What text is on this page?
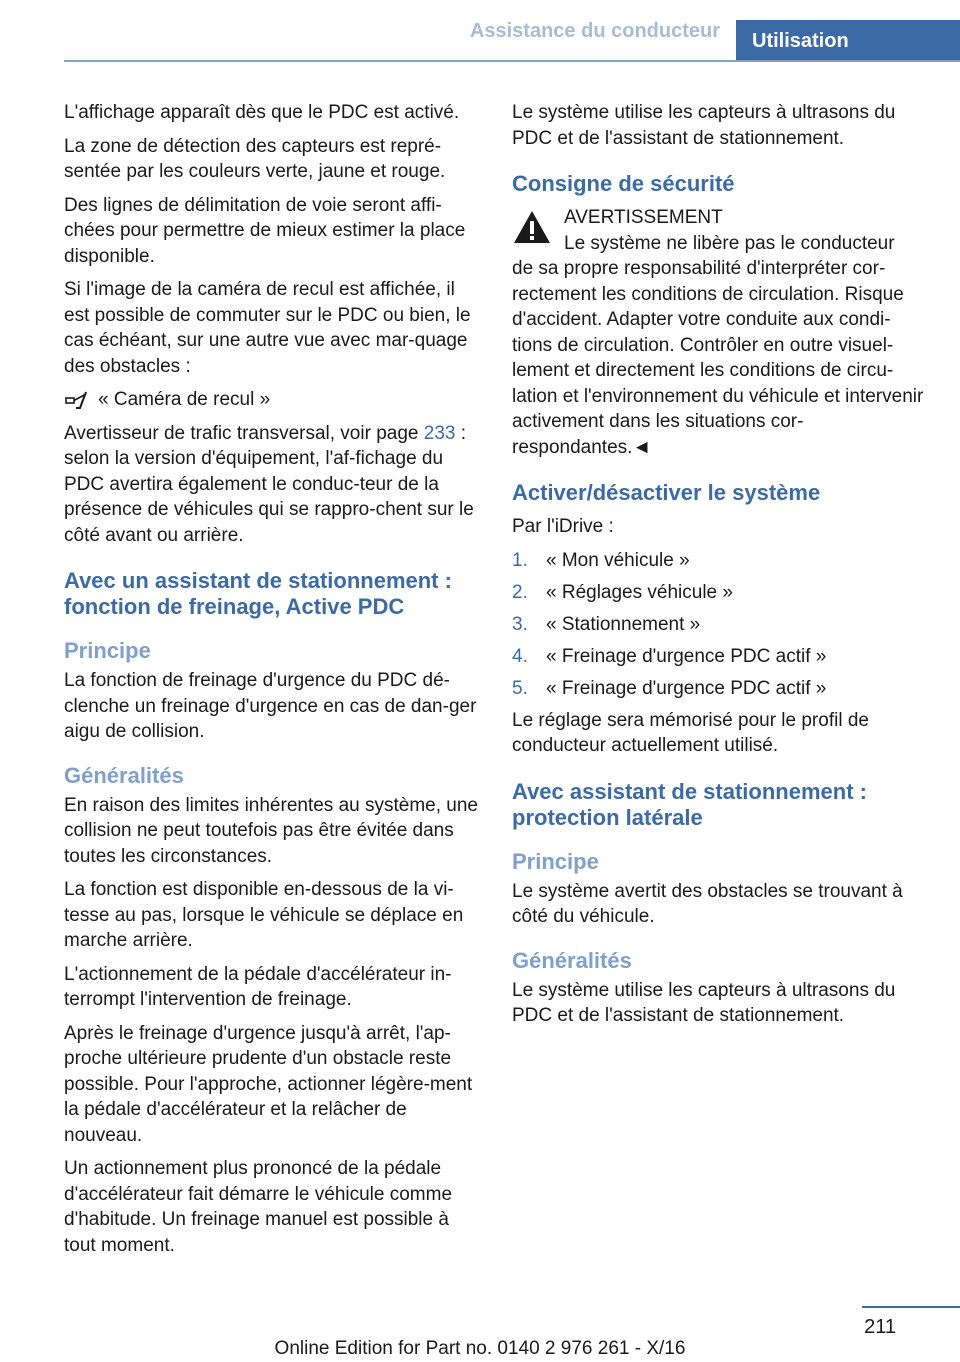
Assistance du conducteur	Utilisation

L'affichage apparaît dès que le PDC est activé.

La zone de détection des capteurs est repré-sentée par les couleurs verte, jaune et rouge.

Des lignes de délimitation de voie seront affi-chées pour permettre de mieux estimer la place disponible.

Si l'image de la caméra de recul est affichée, il est possible de commuter sur le PDC ou bien, le cas échéant, sur une autre vue avec mar-quage des obstacles :

« Caméra de recul »

Avertisseur de trafic transversal, voir page 233 : selon la version d'équipement, l'af-fichage du PDC avertira également le conduc-teur de la présence de véhicules qui se rappro-chent sur le côté avant ou arrière.

Avec un assistant de stationnement : fonction de freinage, Active PDC
Principe

La fonction de freinage d'urgence du PDC dé-clenche un freinage d'urgence en cas de dan-ger aigu de collision.

Généralités

En raison des limites inhérentes au système, une collision ne peut toutefois pas être évitée dans toutes les circonstances.

La fonction est disponible en-dessous de la vi-tesse au pas, lorsque le véhicule se déplace en marche arrière.

L'actionnement de la pédale d'accélérateur in-terrompt l'intervention de freinage.

Après le freinage d'urgence jusqu'à arrêt, l'ap-proche ultérieure prudente d'un obstacle reste possible. Pour l'approche, actionner légère-ment la pédale d'accélérateur et la relâcher de nouveau.

Un actionnement plus prononcé de la pédale d'accélérateur fait démarre le véhicule comme d'habitude. Un freinage manuel est possible à tout moment.

Le système utilise les capteurs à ultrasons du PDC et de l'assistant de stationnement.

Consigne de sécurité
AVERTISSEMENT
Le système ne libère pas le conducteur

de sa propre responsabilité d'interpréter cor-rectement les conditions de circulation. Risque d'accident. Adapter votre conduite aux condi-tions de circulation. Contrôler en outre visuel-lement et directement les conditions de circu-lation et l'environnement du véhicule et intervenir activement dans les situations cor-respondantes.◄

Activer/désactiver le système

Par l'iDrive :

1. « Mon véhicule »
2. « Réglages véhicule »
3. « Stationnement »
4. « Freinage d'urgence PDC actif »
5. « Freinage d'urgence PDC actif »

Le réglage sera mémorisé pour le profil de conducteur actuellement utilisé.

Avec assistant de stationnement : protection latérale
Principe

Le système avertit des obstacles se trouvant à côté du véhicule.

Généralités

Le système utilise les capteurs à ultrasons du PDC et de l'assistant de stationnement.

211
Online Edition for Part no. 0140 2 976 261 - X/16
